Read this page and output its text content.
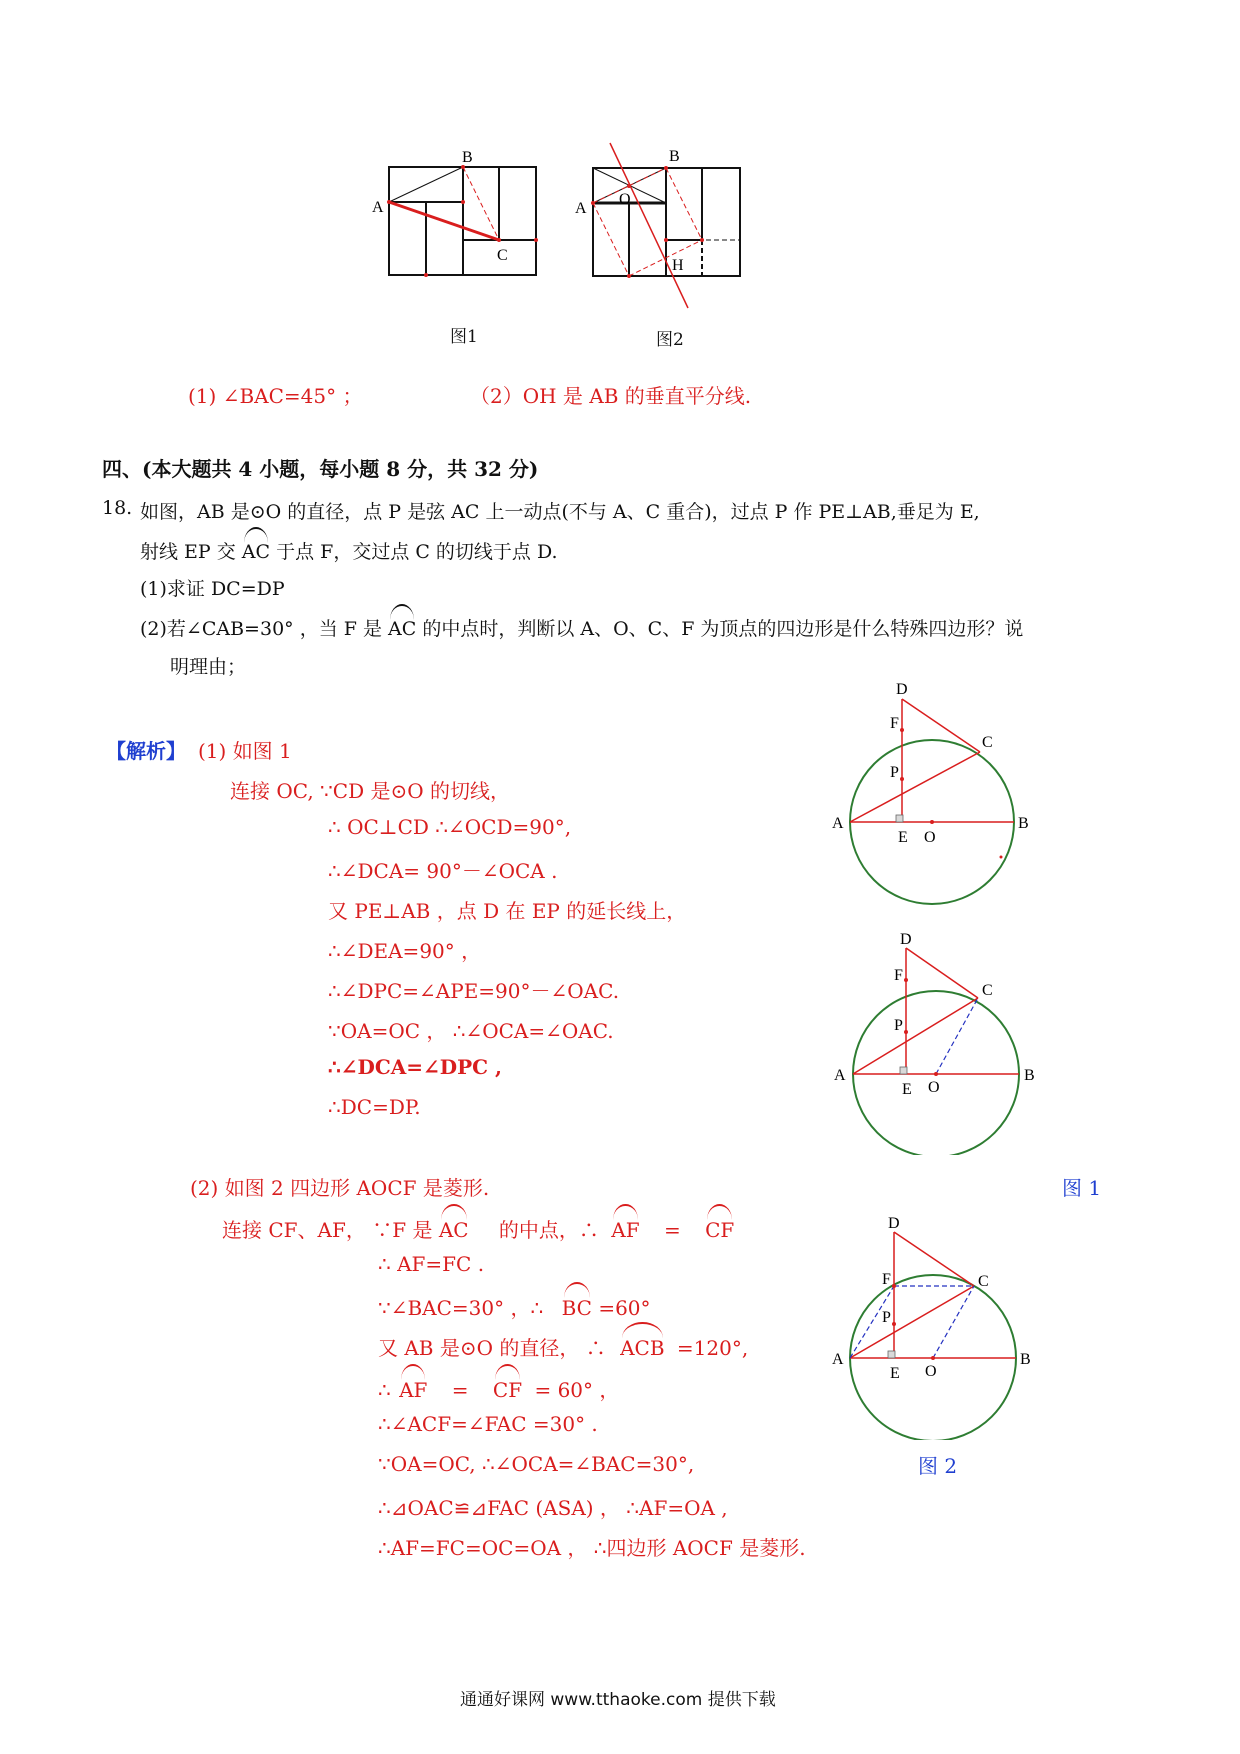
B
A
C
图1
B
A
O
H
图2
(1) ∠BAC=45° ；	（2）OH 是 AB 的垂直平分线.
四、(本大题共 4 小题，每小题 8 分，共 32 分)
18. 如图，AB 是⊙O 的直径，点 P 是弦 AC 上一动点(不与 A、C 重合)，过点 P 作 PE⊥AB,垂足为 E,
射线 EP 交 AC 于点 F，交过点 C 的切线于点 D.
(1)求证 DC=DP
(2)若∠CAB=30° ，当 F 是 AC 的中点时，判断以 A、O、C、F 为顶点的四边形是什么特殊四边形？说
明理由；
【解析】 (1) 如图 1
连接 OC, ∵CD 是⊙O 的切线，
∴ OC⊥CD ∴∠OCD=90°,
∴∠DCA= 90°－∠OCA .
又 PE⊥AB ，点 D 在 EP 的延长线上，
∴∠DEA=90° ，
∴∠DPC=∠APE=90°－∠OAC.
∵OA=OC ， ∴∠OCA=∠OAC.
∴∠DCA=∠DPC ,
∴DC=DP.
(2) 如图 2 四边形 AOCF 是菱形.
连接 CF、AF， ∵F 是 AC 的中点，∴ AF = CF
∴ AF=FC .
∵∠BAC=30° ，∴ BC =60°
又 AB 是⊙O 的直径， ∴ ACB =120°,
∴ AF = CF = 60° ，
∴∠ACF=∠FAC =30° .
∵OA=OC, ∴∠OCA=∠BAC=30°,
∴⊿OAC≌⊿FAC (ASA) ， ∴AF=OA ,
∴AF=FC=OC=OA ， ∴四边形 AOCF 是菱形.
D
F
C
P
A
E O
B
D
F
C
P
A
E O
B
图 1
D
F	C
P
A
E O
B
图 2
通通好课网 www.tthaoke.com 提供下载
